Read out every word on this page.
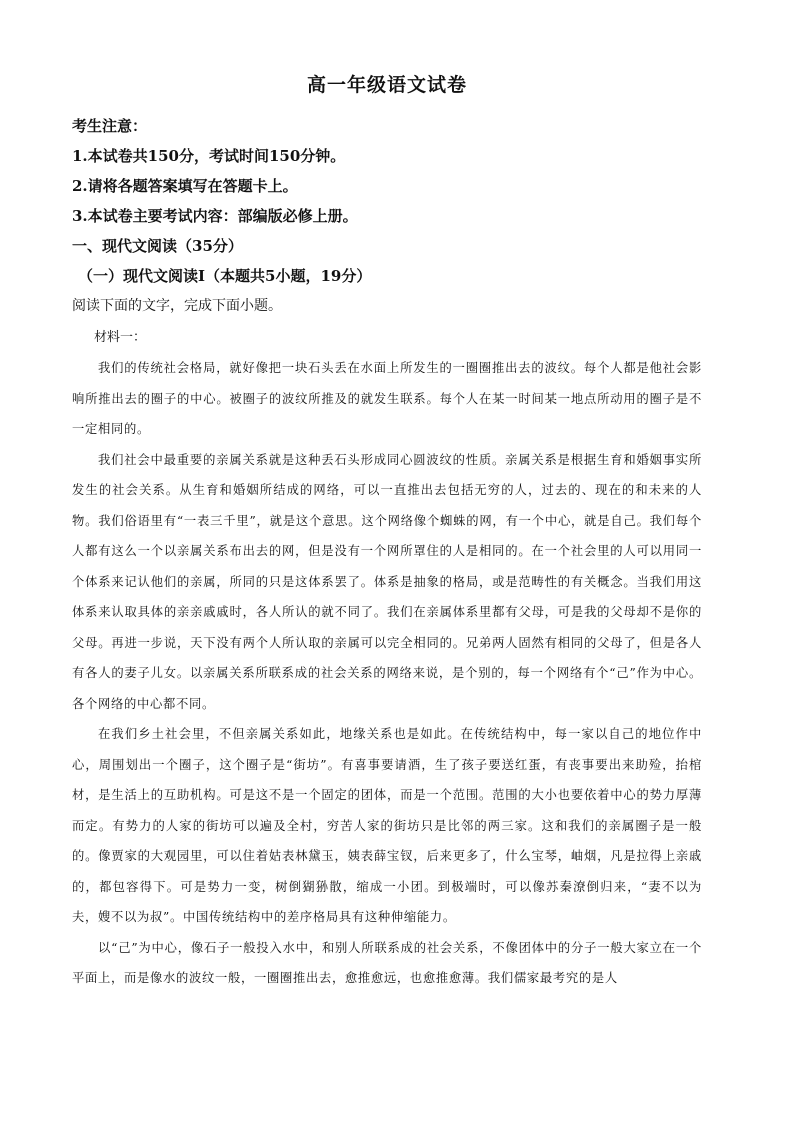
高一年级语文试卷

考生注意：

1.本试卷共150分，考试时间150分钟。

2.请将各题答案填写在答题卡上。

3.本试卷主要考试内容：部编版必修上册。

一、现代文阅读（35分）

（一）现代文阅读Ⅰ（本题共5小题，19分）

阅读下面的文字，完成下面小题。

材料一：

我们的传统社会格局，就好像把一块石头丢在水面上所发生的一圈圈推出去的波纹。每个人都是他社会影响所推出去的圈子的中心。被圈子的波纹所推及的就发生联系。每个人在某一时间某一地点所动用的圈子是不一定相同的。

我们社会中最重要的亲属关系就是这种丢石头形成同心圆波纹的性质。亲属关系是根据生育和婚姻事实所发生的社会关系。从生育和婚姻所结成的网络，可以一直推出去包括无穷的人，过去的、现在的和未来的人物。我们俗语里有“一表三千里”，就是这个意思。这个网络像个蜘蛛的网，有一个中心，就是自己。我们每个人都有这么一个以亲属关系布出去的网，但是没有一个网所罩住的人是相同的。在一个社会里的人可以用同一个体系来记认他们的亲属，所同的只是这体系罢了。体系是抽象的格局，或是范畴性的有关概念。当我们用这体系来认取具体的亲亲戚戚时，各人所认的就不同了。我们在亲属体系里都有父母，可是我的父母却不是你的父母。再进一步说，天下没有两个人所认取的亲属可以完全相同的。兄弟两人固然有相同的父母了，但是各人有各人的妻子儿女。以亲属关系所联系成的社会关系的网络来说，是个别的，每一个网络有个“己”作为中心。各个网络的中心都不同。

在我们乡土社会里，不但亲属关系如此，地缘关系也是如此。在传统结构中，每一家以自己的地位作中心，周围划出一个圈子，这个圈子是“街坊”。有喜事要请酒，生了孩子要送红蛋，有丧事要出来助殓，抬棺材，是生活上的互助机构。可是这不是一个固定的团体，而是一个范围。范围的大小也要依着中心的势力厚薄而定。有势力的人家的街坊可以遍及全村，穷苦人家的街坊只是比邻的两三家。这和我们的亲属圈子是一般的。像贾家的大观园里，可以住着姑表林黛玉，姨表薛宝钗，后来更多了，什么宝琴，岫烟，凡是拉得上亲戚的，都包容得下。可是势力一变，树倒猢狲散，缩成一小团。到极端时，可以像苏秦潦倒归来，“妻不以为夫，嫂不以为叔”。中国传统结构中的差序格局具有这种伸缩能力。

以“己”为中心，像石子一般投入水中，和别人所联系成的社会关系，不像团体中的分子一般大家立在一个平面上，而是像水的波纹一般，一圈圈推出去，愈推愈远，也愈推愈薄。我们儒家最考究的是人
